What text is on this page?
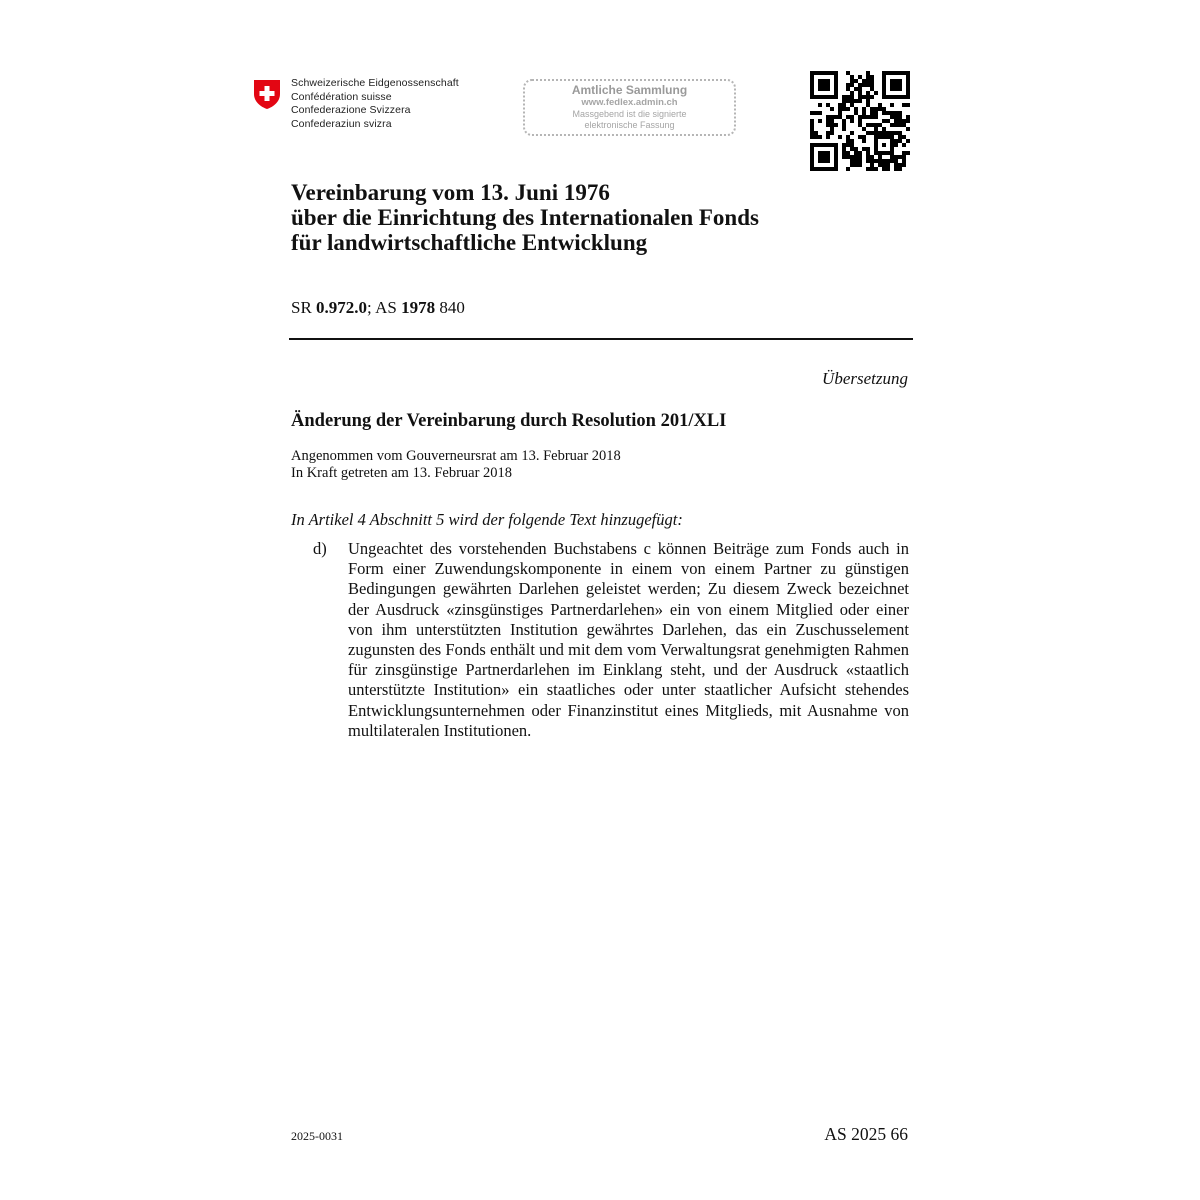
Schweizerische Eidgenossenschaft
Confédération suisse
Confederazione Svizzera
Confederaziun svizra
Amtliche Sammlung
www.fedlex.admin.ch
Massgebend ist die signierte
elektronische Fassung
Vereinbarung vom 13. Juni 1976
über die Einrichtung des Internationalen Fonds
für landwirtschaftliche Entwicklung
SR 0.972.0; AS 1978 840
Übersetzung
Änderung der Vereinbarung durch Resolution 201/XLI
Angenommen vom Gouverneursrat am 13. Februar 2018
In Kraft getreten am 13. Februar 2018
In Artikel 4 Abschnitt 5 wird der folgende Text hinzugefügt:
d) Ungeachtet des vorstehenden Buchstabens c können Beiträge zum Fonds auch in Form einer Zuwendungskomponente in einem von einem Partner zu günstigen Bedingungen gewährten Darlehen geleistet werden; Zu diesem Zweck bezeichnet der Ausdruck «zinsgünstiges Partnerdarlehen» ein von einem Mitglied oder einer von ihm unterstützten Institution gewährtes Darlehen, das ein Zuschusselement zugunsten des Fonds enthält und mit dem vom Verwaltungsrat genehmigten Rahmen für zinsgünstige Partnerdarlehen im Einklang steht, und der Ausdruck «staatlich unterstützte Institution» ein staatliches oder unter staatlicher Aufsicht stehendes Entwicklungsunternehmen oder Finanzinstitut eines Mitglieds, mit Ausnahme von multilateralen Institutionen.
2025-0031	AS 2025 66
